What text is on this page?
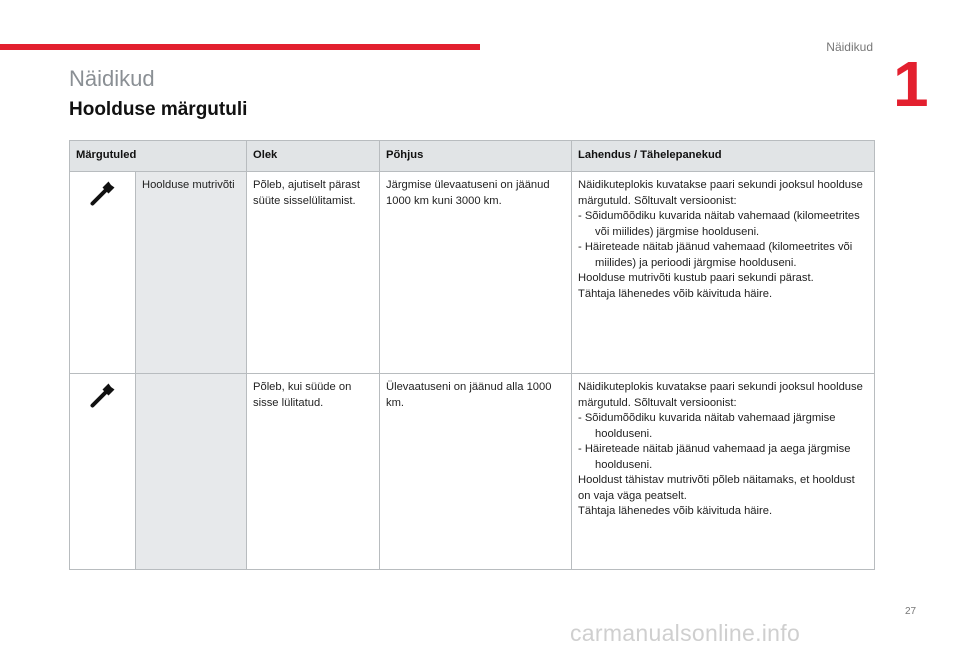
Näidikud
1
Näidikud
Hoolduse märgutuli
Märgutuled		Olek	Põhjus	Lahendus / Tähelepanekud
	Hoolduse mutrivõti	Põleb, ajutiselt pärast süüte sisselülitamist.	Järgmise ülevaatuseni on jäänud 1000 km kuni 3000 km.	Näidikuteplokis kuvatakse paari sekundi jooksul hoolduse märgutuld. Sõltuvalt versioonist:
- Sõidumõõdiku kuvarida näitab vahemaad (kilomeetrites või miilides) järgmise hoolduseni.
- Häireteade näitab jäänud vahemaad (kilomeetrites või miilides) ja perioodi järgmise hoolduseni.
Hoolduse mutrivõti kustub paari sekundi pärast.
Tähtaja lähenedes võib käivituda häire.

		Põleb, kui süüde on sisse lülitatud.	Ülevaatuseni on jäänud alla 1000 km.	Näidikuteplokis kuvatakse paari sekundi jooksul hoolduse märgutuld. Sõltuvalt versioonist:
- Sõidumõõdiku kuvarida näitab vahemaad järgmise hoolduseni.
- Häireteade näitab jäänud vahemaad ja aega järgmise hoolduseni.
Hooldust tähistav mutrivõti põleb näitamaks, et hooldust on vaja väga peatselt.
Tähtaja lähenedes võib käivituda häire.
27
carmanualsonline.info
